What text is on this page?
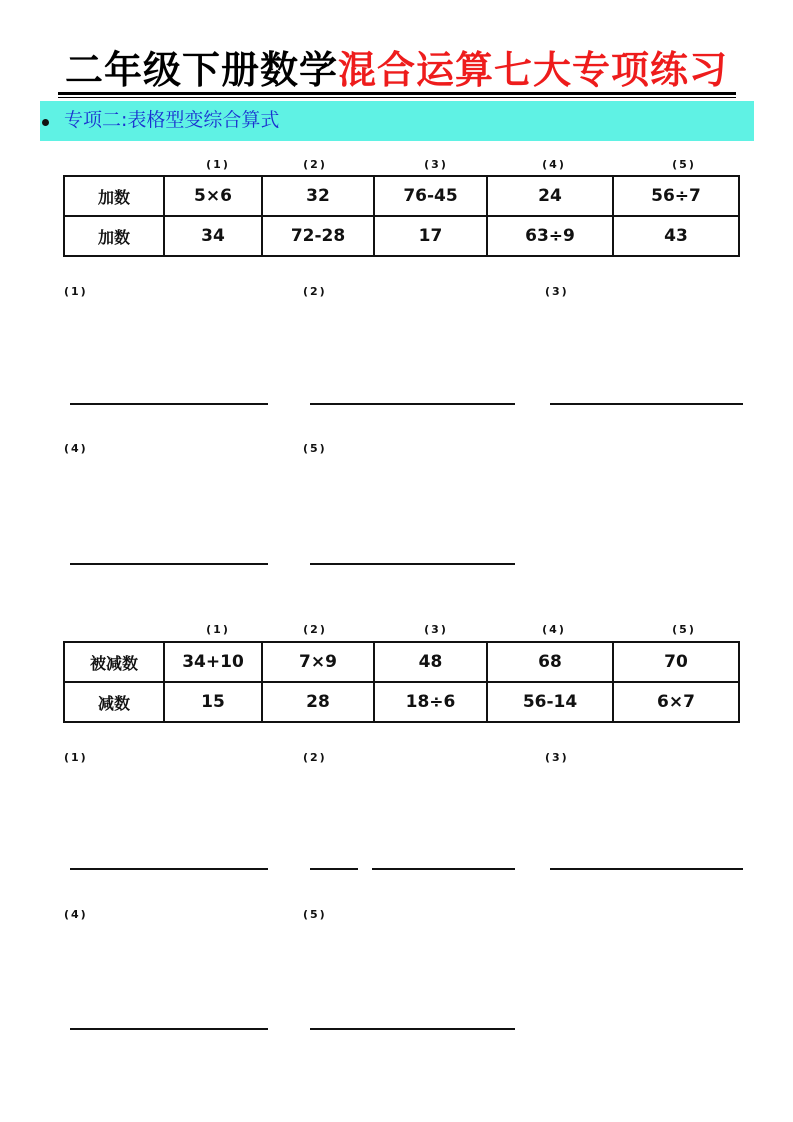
二年级下册数学混合运算七大专项练习
专项二:表格型变综合算式
(1)	(2)	(3)	(4)	(5)
加数	5×6	32	76-45	24	56÷7
加数	34	72-28	17	63÷9	43
(1)	(2)	(3)
(4)	(5)
(1)	(2)	(3)	(4)	(5)
被减数	34+10	7×9	48	68	70
减数	15	28	18÷6	56-14	6×7
(1)	(2)	(3)
(4)	(5)
